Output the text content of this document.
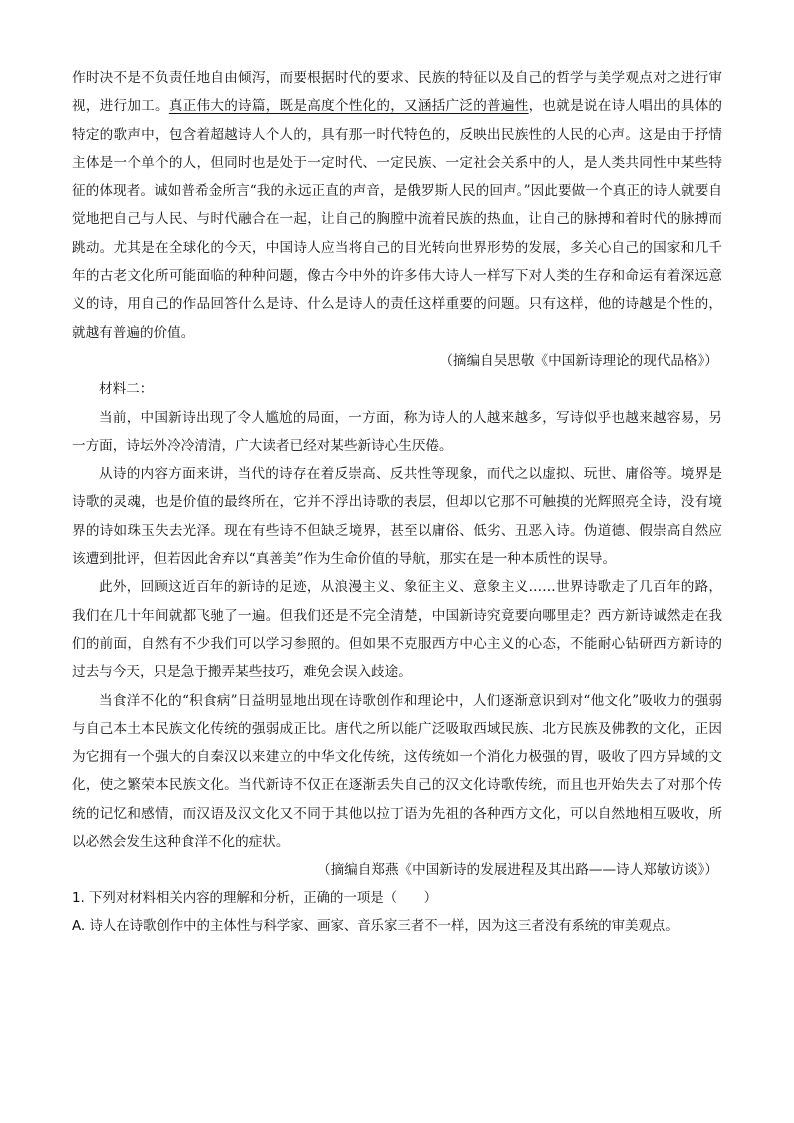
作时决不是不负责任地自由倾泻，而要根据时代的要求、民族的特征以及自己的哲学与美学观点对之进行审视，进行加工。真正伟大的诗篇，既是高度个性化的，又涵括广泛的普遍性，也就是说在诗人唱出的具体的特定的歌声中，包含着超越诗人个人的，具有那一时代特色的，反映出民族性的人民的心声。这是由于抒情主体是一个单个的人，但同时也是处于一定时代、一定民族、一定社会关系中的人，是人类共同性中某些特征的体现者。诚如普希金所言“我的永远正直的声音，是俄罗斯人民的回声。”因此要做一个真正的诗人就要自觉地把自己与人民、与时代融合在一起，让自己的胸膛中流着民族的热血，让自己的脉搏和着时代的脉搏而跳动。尤其是在全球化的今天，中国诗人应当将自己的目光转向世界形势的发展，多关心自己的国家和几千年的古老文化所可能面临的种种问题，像古今中外的许多伟大诗人一样写下对人类的生存和命运有着深远意义的诗，用自己的作品回答什么是诗、什么是诗人的责任这样重要的问题。只有这样，他的诗越是个性的，就越有普遍的价值。

（摘编自吴思敬《中国新诗理论的现代品格》）

材料二：

当前，中国新诗出现了令人尴尬的局面，一方面，称为诗人的人越来越多，写诗似乎也越来越容易，另一方面，诗坛外冷冷清清，广大读者已经对某些新诗心生厌倦。

从诗的内容方面来讲，当代的诗存在着反崇高、反共性等现象，而代之以虚拟、玩世、庸俗等。境界是诗歌的灵魂，也是价值的最终所在，它并不浮出诗歌的表层，但却以它那不可触摸的光辉照亮全诗，没有境界的诗如珠玉失去光泽。现在有些诗不但缺乏境界，甚至以庸俗、低劣、丑恶入诗。伪道德、假崇高自然应该遭到批评，但若因此舍弃以“真善美”作为生命价值的导航，那实在是一种本质性的误导。

此外，回顾这近百年的新诗的足迹，从浪漫主义、象征主义、意象主义……世界诗歌走了几百年的路，我们在几十年间就都飞驰了一遍。但我们还是不完全清楚，中国新诗究竟要向哪里走？西方新诗诚然走在我们的前面，自然有不少我们可以学习参照的。但如果不克服西方中心主义的心态，不能耐心钻研西方新诗的过去与今天，只是急于搬弄某些技巧，难免会误入歧途。

当食洋不化的“积食病”日益明显地出现在诗歌创作和理论中，人们逐渐意识到对“他文化”吸收力的强弱与自己本土本民族文化传统的强弱成正比。唐代之所以能广泛吸取西域民族、北方民族及佛教的文化，正因为它拥有一个强大的自秦汉以来建立的中华文化传统，这传统如一个消化力极强的胃，吸收了四方异域的文化，使之繁荣本民族文化。当代新诗不仅正在逐渐丢失自己的汉文化诗歌传统，而且也开始失去了对那个传统的记忆和感情，而汉语及汉文化又不同于其他以拉丁语为先祖的各种西方文化，可以自然地相互吸收，所以必然会发生这种食洋不化的症状。

（摘编自郑燕《中国新诗的发展进程及其出路——诗人郑敏访谈》）

1. 下列对材料相关内容的理解和分析，正确的一项是（　　）

A. 诗人在诗歌创作中的主体性与科学家、画家、音乐家三者不一样，因为这三者没有系统的审美观点。
